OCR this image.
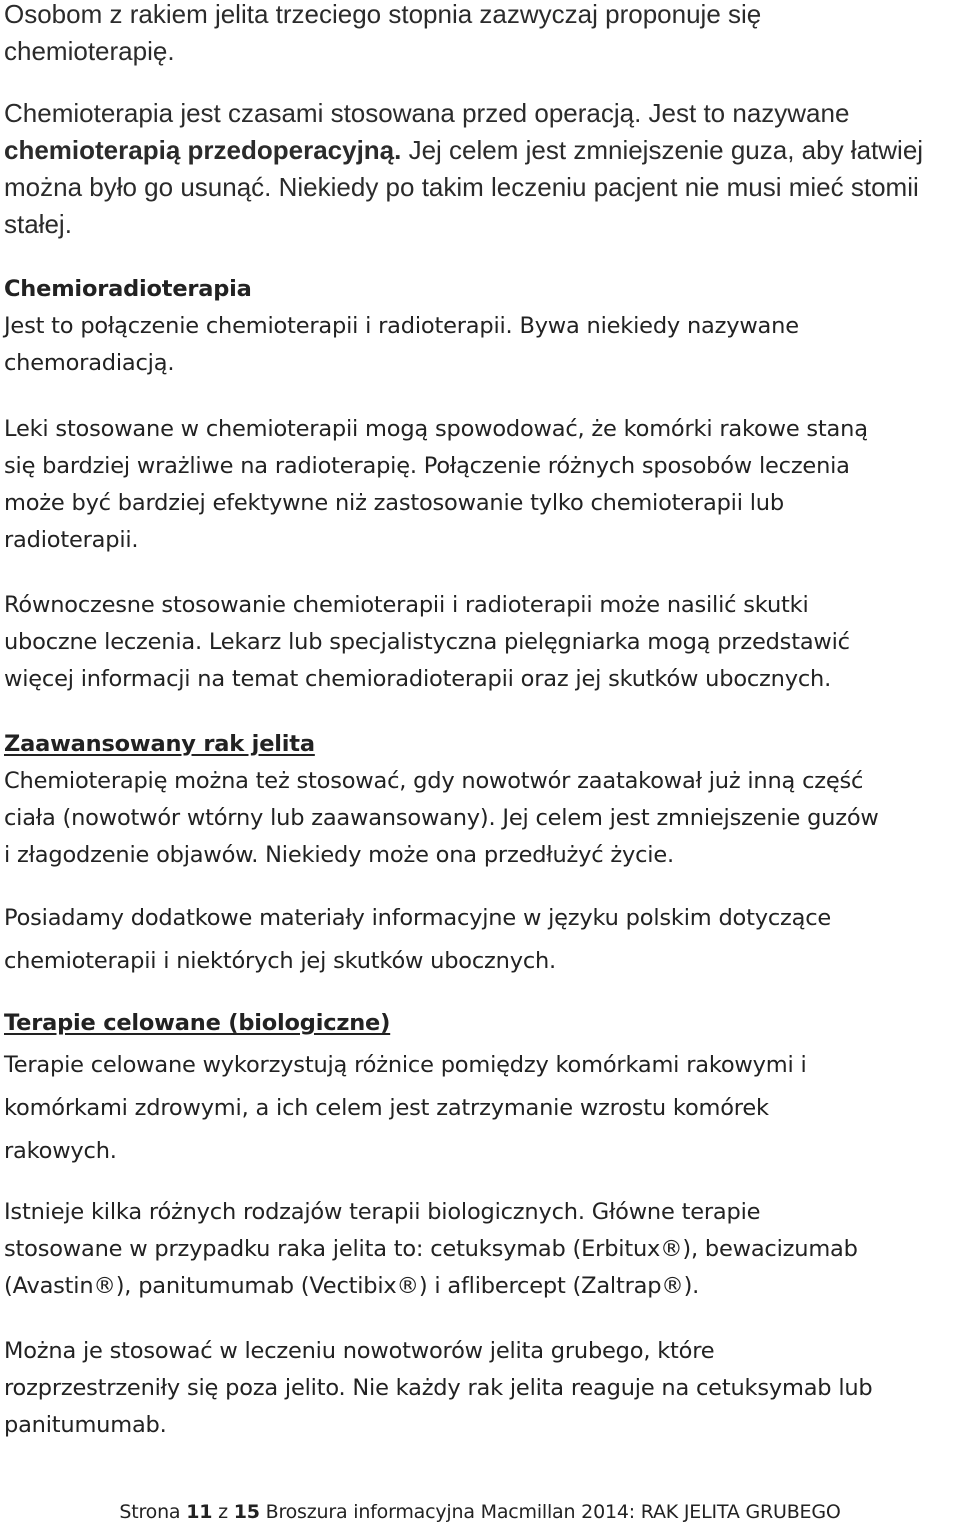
Osobom z rakiem jelita trzeciego stopnia zazwyczaj proponuje się
chemioterapię.

Chemioterapia jest czasami stosowana przed operacją. Jest to nazywane
chemioterapią przedoperacyjną. Jej celem jest zmniejszenie guza, aby łatwiej
można było go usunąć. Niekiedy po takim leczeniu pacjent nie musi mieć stomii
stałej.

Chemioradioterapia
Jest to połączenie chemioterapii i radioterapii. Bywa niekiedy nazywane
chemoradiacją.

Leki stosowane w chemioterapii mogą spowodować, że komórki rakowe staną
się bardziej wrażliwe na radioterapię. Połączenie różnych sposobów leczenia
może być bardziej efektywne niż zastosowanie tylko chemioterapii lub
radioterapii.

Równoczesne stosowanie chemioterapii i radioterapii może nasilić skutki
uboczne leczenia. Lekarz lub specjalistyczna pielęgniarka mogą przedstawić
więcej informacji na temat chemioradioterapii oraz jej skutków ubocznych.

Zaawansowany rak jelita
Chemioterapię można też stosować, gdy nowotwór zaatakował już inną część
ciała (nowotwór wtórny lub zaawansowany). Jej celem jest zmniejszenie guzów
i złagodzenie objawów. Niekiedy może ona przedłużyć życie.

Posiadamy dodatkowe materiały informacyjne w języku polskim dotyczące
chemioterapii i niektórych jej skutków ubocznych.

Terapie celowane (biologiczne)

Terapie celowane wykorzystują różnice pomiędzy komórkami rakowymi i
komórkami zdrowymi, a ich celem jest zatrzymanie wzrostu komórek
rakowych.

Istnieje kilka różnych rodzajów terapii biologicznych. Główne terapie
stosowane w przypadku raka jelita to: cetuksymab (Erbitux®), bewacizumab
(Avastin®), panitumumab (Vectibix®) i aflibercept (Zaltrap®).

Można je stosować w leczeniu nowotworów jelita grubego, które
rozprzestrzeniły się poza jelito. Nie każdy rak jelita reaguje na cetuksymab lub
panitumumab.

Strona 11 z 15 Broszura informacyjna Macmillan 2014: RAK JELITA GRUBEGO
